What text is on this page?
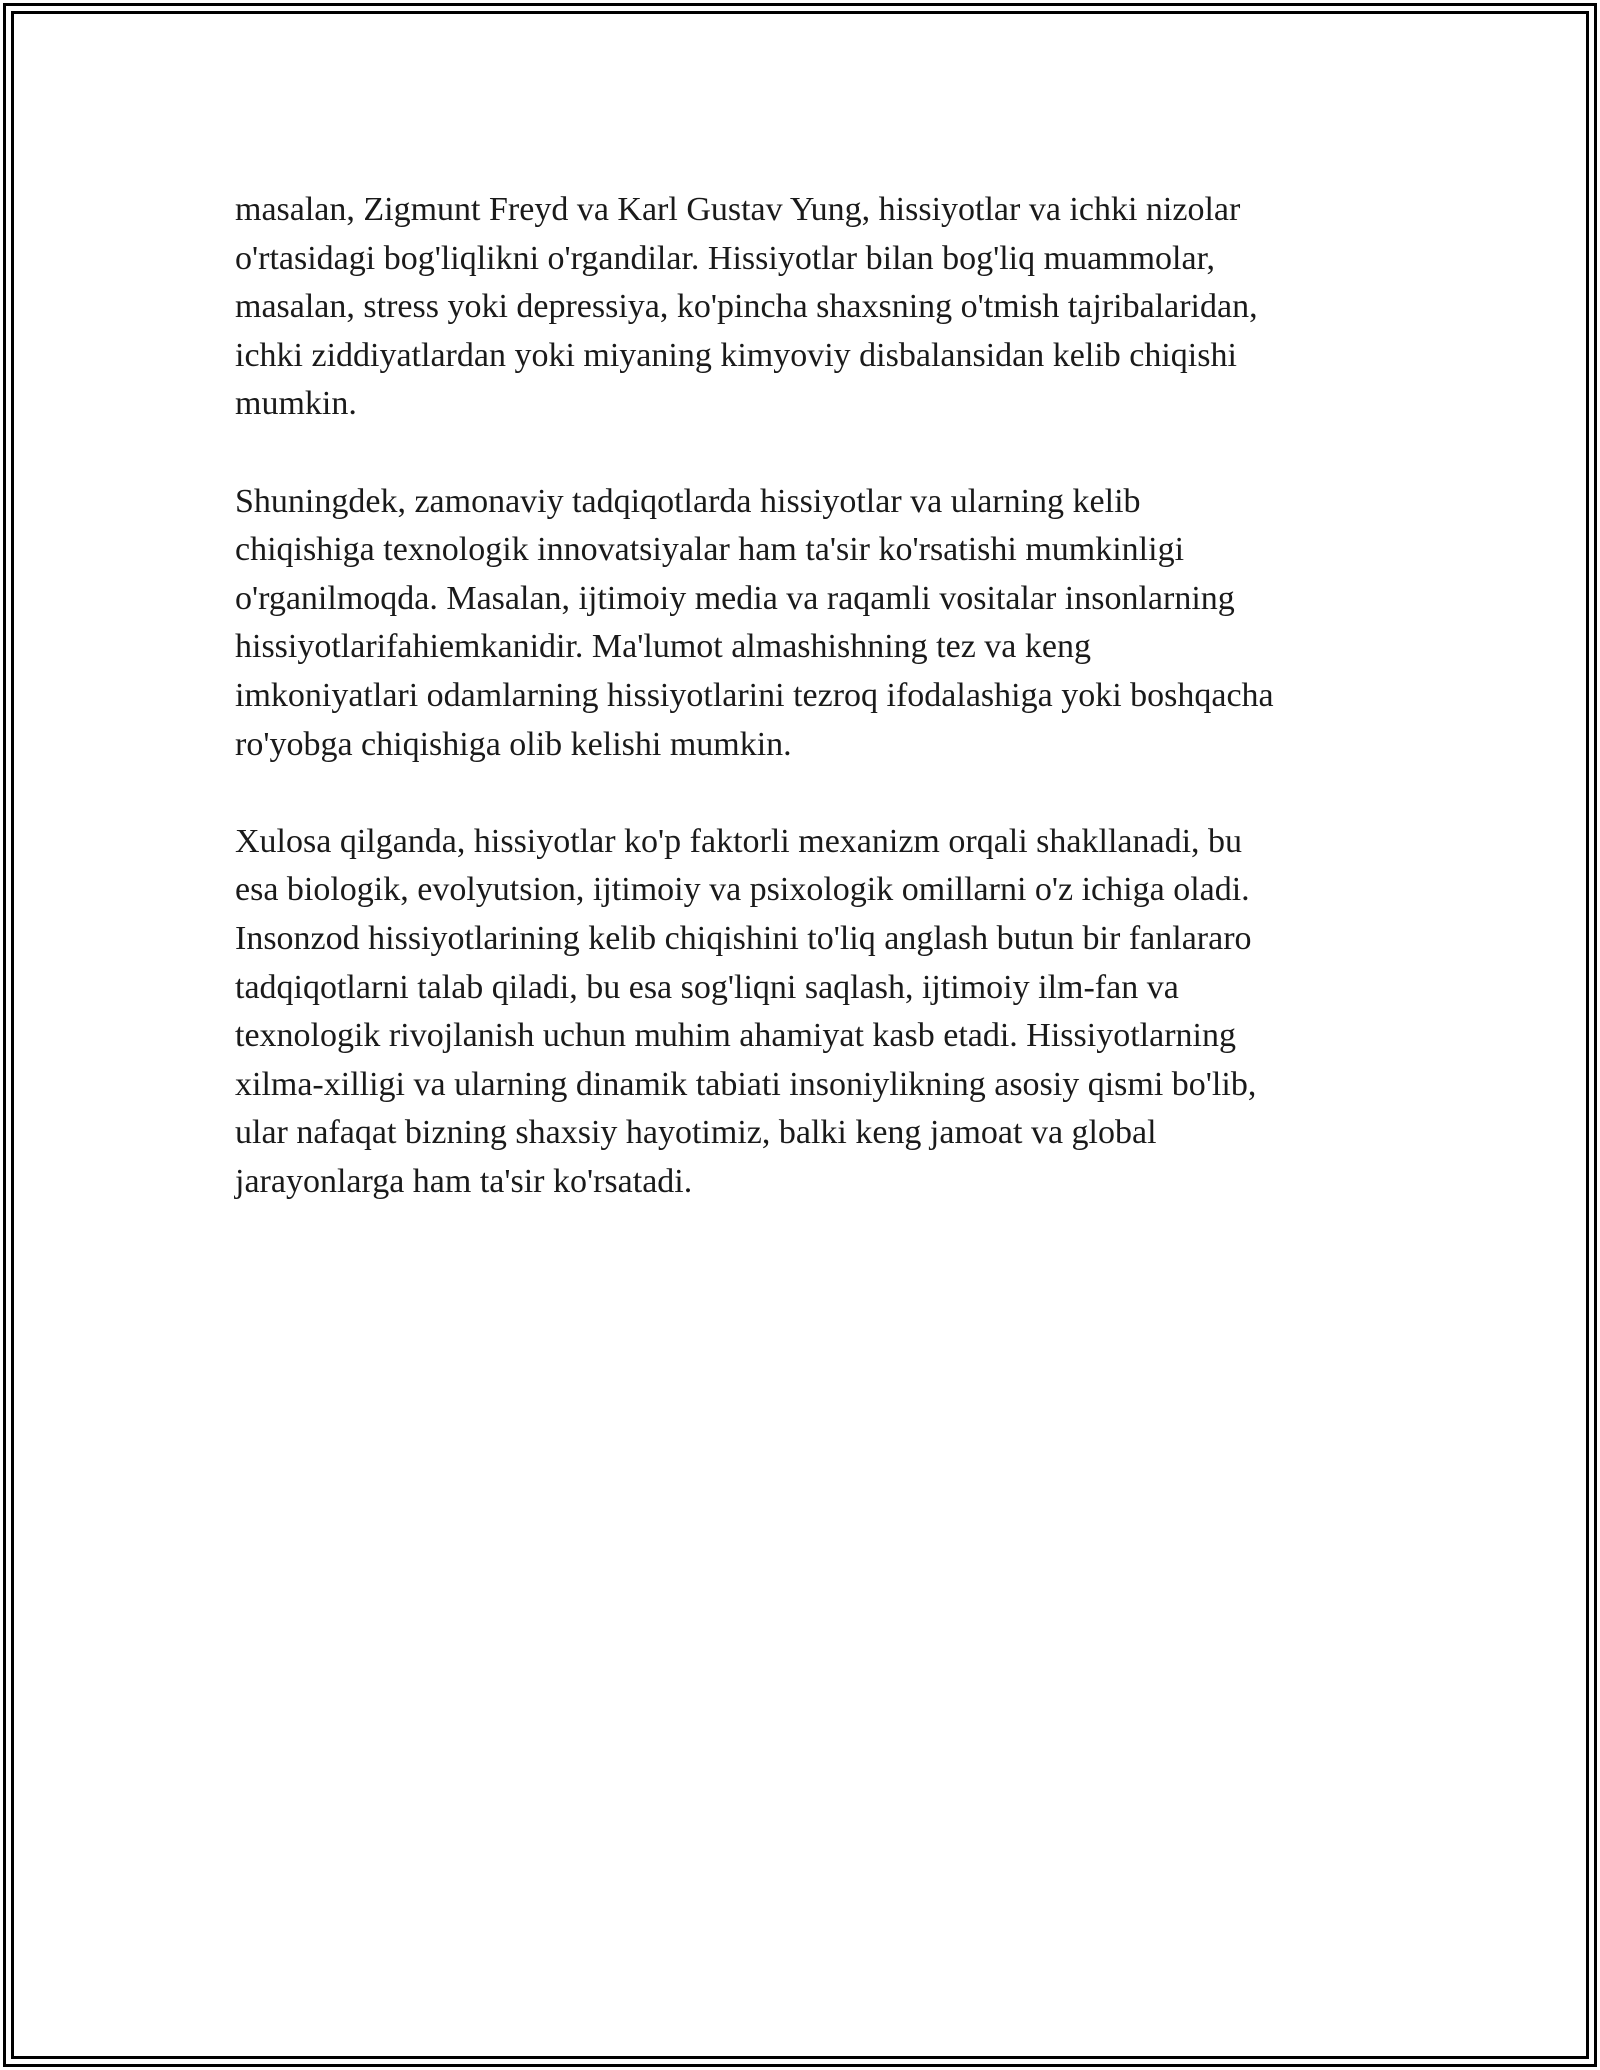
masalan, Zigmunt Freyd va Karl Gustav Yung, hissiyotlar va ichki nizolar
o'rtasidagi bog'liqlikni o'rgandilar. Hissiyotlar bilan bog'liq muammolar,
masalan, stress yoki depressiya, ko'pincha shaxsning o'tmish tajribalaridan,
ichki ziddiyatlardan yoki miyaning kimyoviy disbalansidan kelib chiqishi
mumkin.

Shuningdek, zamonaviy tadqiqotlarda hissiyotlar va ularning kelib
chiqishiga texnologik innovatsiyalar ham ta'sir ko'rsatishi mumkinligi
o'rganilmoqda. Masalan, ijtimoiy media va raqamli vositalar insonlarning
hissiyotlarifahiemkanidir. Ma'lumot almashishning tez va keng
imkoniyatlari odamlarning hissiyotlarini tezroq ifodalashiga yoki boshqacha
ro'yobga chiqishiga olib kelishi mumkin.

Xulosa qilganda, hissiyotlar ko'p faktorli mexanizm orqali shakllanadi, bu
esa biologik, evolyutsion, ijtimoiy va psixologik omillarni o'z ichiga oladi.
Insonzod hissiyotlarining kelib chiqishini to'liq anglash butun bir fanlararo
tadqiqotlarni talab qiladi, bu esa sog'liqni saqlash, ijtimoiy ilm-fan va
texnologik rivojlanish uchun muhim ahamiyat kasb etadi. Hissiyotlarning
xilma-xilligi va ularning dinamik tabiati insoniylikning asosiy qismi bo'lib,
ular nafaqat bizning shaxsiy hayotimiz, balki keng jamoat va global
jarayonlarga ham ta'sir ko'rsatadi.
